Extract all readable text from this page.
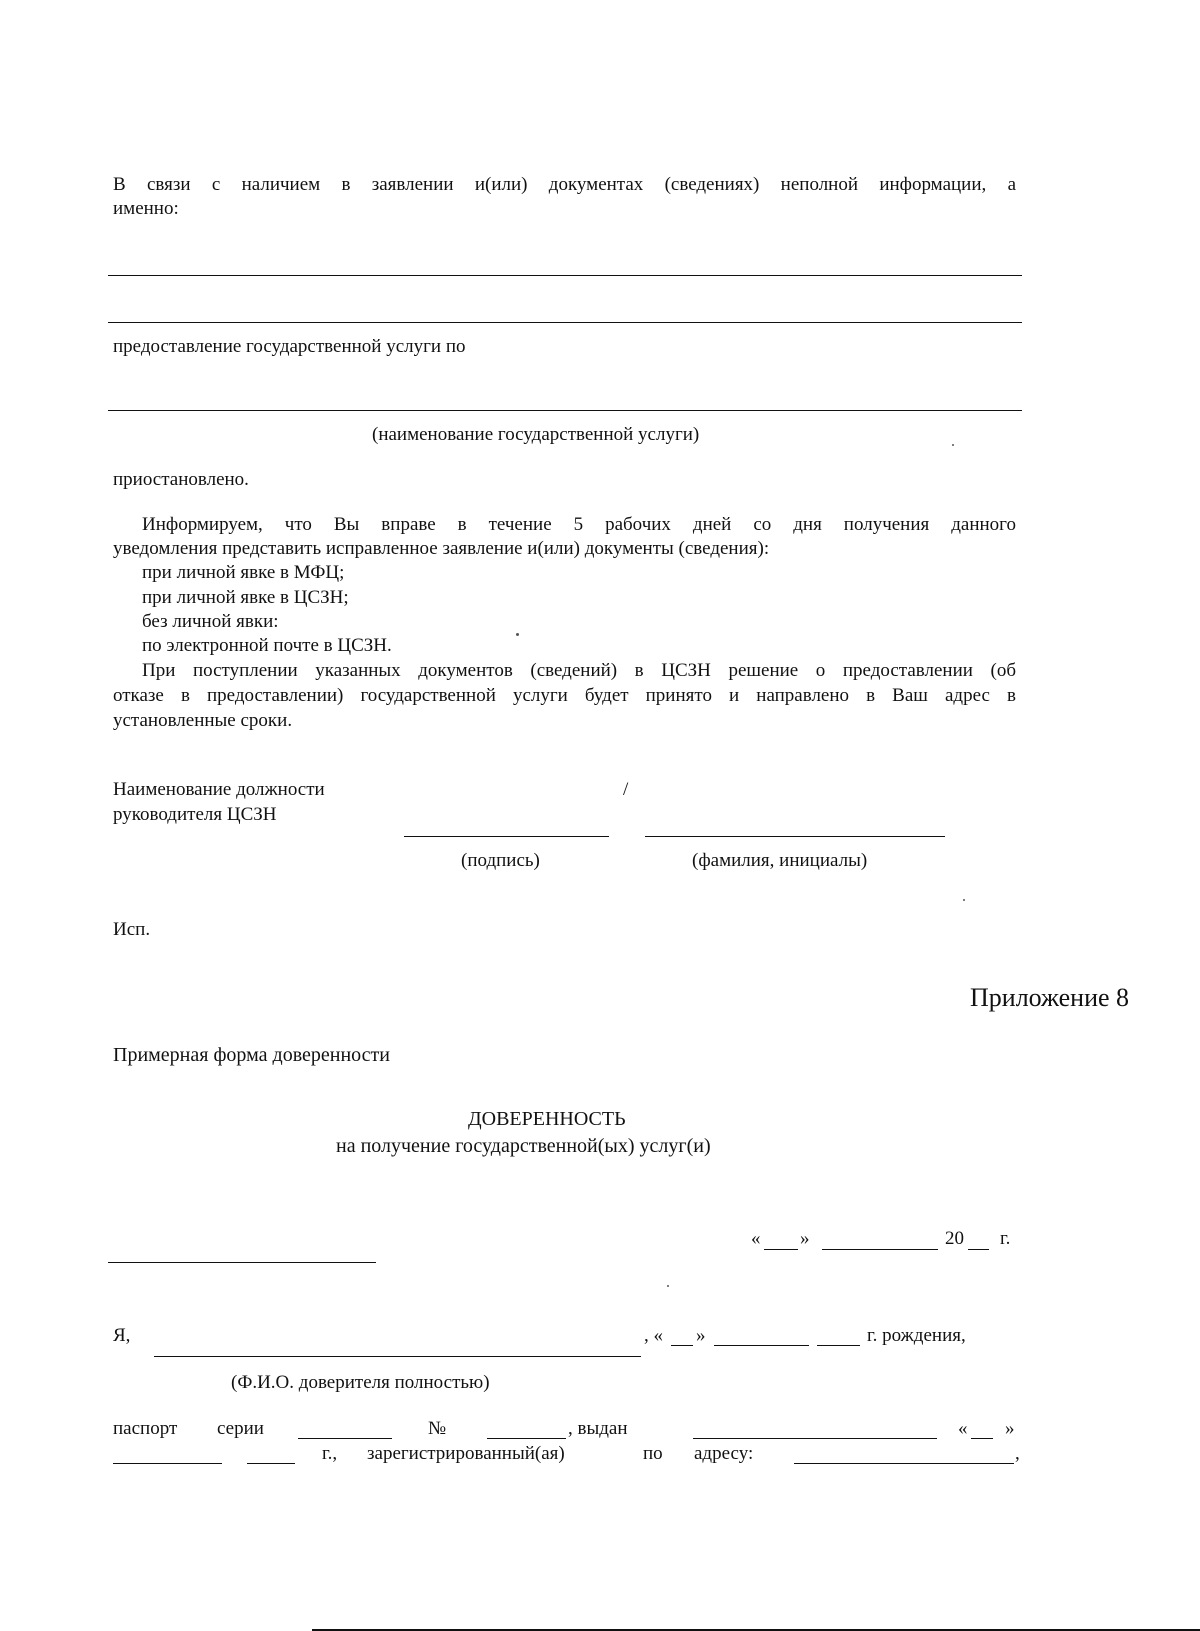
В связи с наличием в заявлении и(или) документах (сведениях) неполной информации, а
именно:
предоставление государственной услуги по
(наименование государственной услуги)
приостановлено.
Информируем, что Вы вправе в течение 5 рабочих дней со дня получения данного
уведомления представить исправленное заявление и(или) документы (сведения):
при личной явке в МФЦ;
при личной явке в ЦСЗН;
без личной явки:
по электронной почте в ЦСЗН.
При поступлении указанных документов (сведений) в ЦСЗН решение о предоставлении (об
отказе в предоставлении) государственной услуги будет принято и направлено в Ваш адрес в
установленные сроки.
Наименование должности
руководителя ЦСЗН
/
(подпись)	(фамилия, инициалы)
Исп.
Приложение 8
Примерная форма доверенности
ДОВЕРЕННОСТЬ
на получение государственной(ых) услуг(и)
« »	20 г.
Я,	, « »	г. рождения,
(Ф.И.О. доверителя полностью)
паспорт серии	№	, выдан	« »
г., зарегистрированный(ая)	по адресу:	,
